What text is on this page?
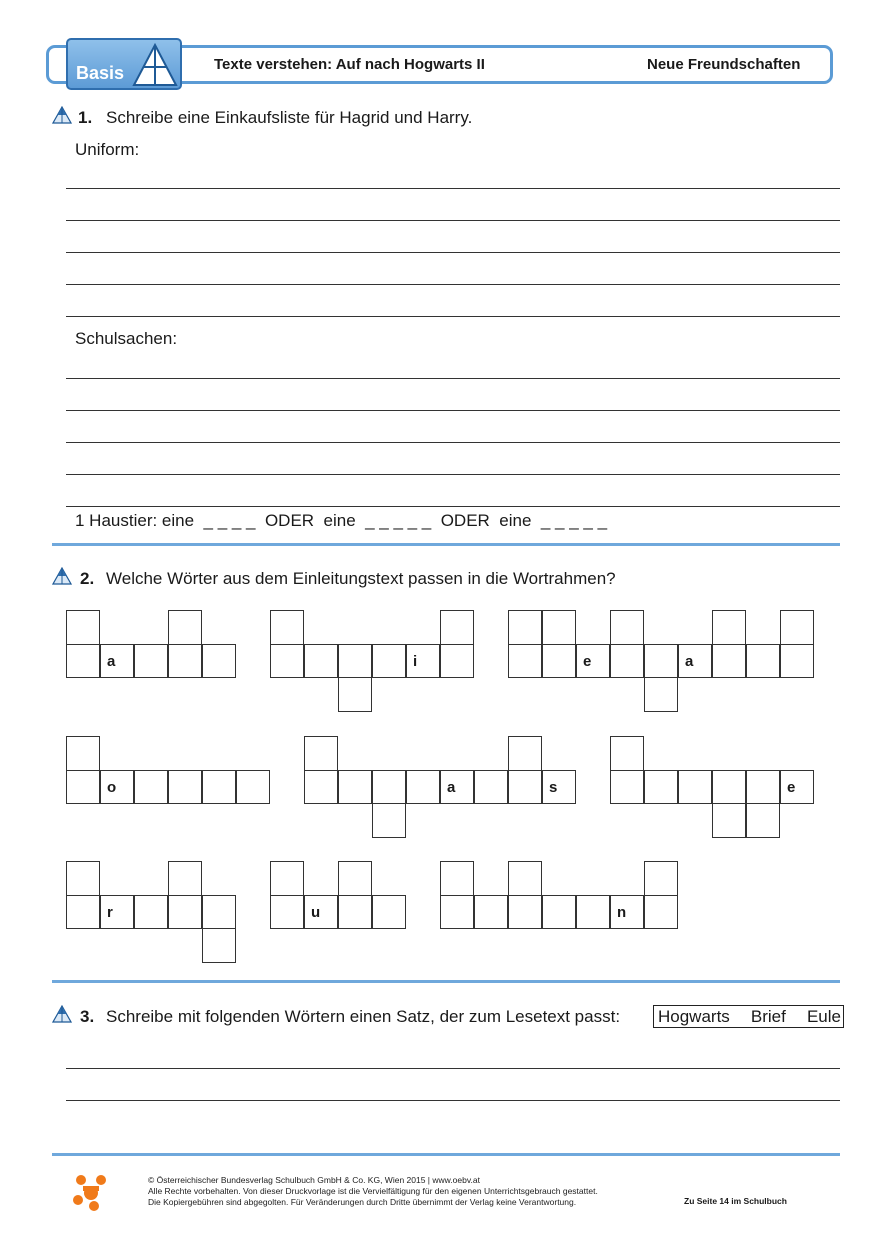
Basis	Texte verstehen: Auf nach Hogwarts II	Neue Freundschaften
1. Schreibe eine Einkaufsliste für Hagrid und Harry.
Uniform:
Schulsachen:
1 Haustier: eine  _ _ _ _  ODER  eine  _ _ _ _ _  ODER  eine  _ _ _ _ _
2. Welche Wörter aus dem Einleitungstext passen in die Wortrahmen?
a	i	e	a
o	a	s	e
r	u	n
3. Schreibe mit folgenden Wörtern einen Satz, der zum Lesetext passt: Hogwarts Brief Eule
© Österreichischer Bundesverlag Schulbuch GmbH & Co. KG, Wien 2015 | www.oebv.at
Alle Rechte vorbehalten. Von dieser Druckvorlage ist die Vervielfältigung für den eigenen Unterrichtsgebrauch gestattet.
Die Kopiergebühren sind abgegolten. Für Veränderungen durch Dritte übernimmt der Verlag keine Verantwortung.	Zu Seite 14 im Schulbuch
